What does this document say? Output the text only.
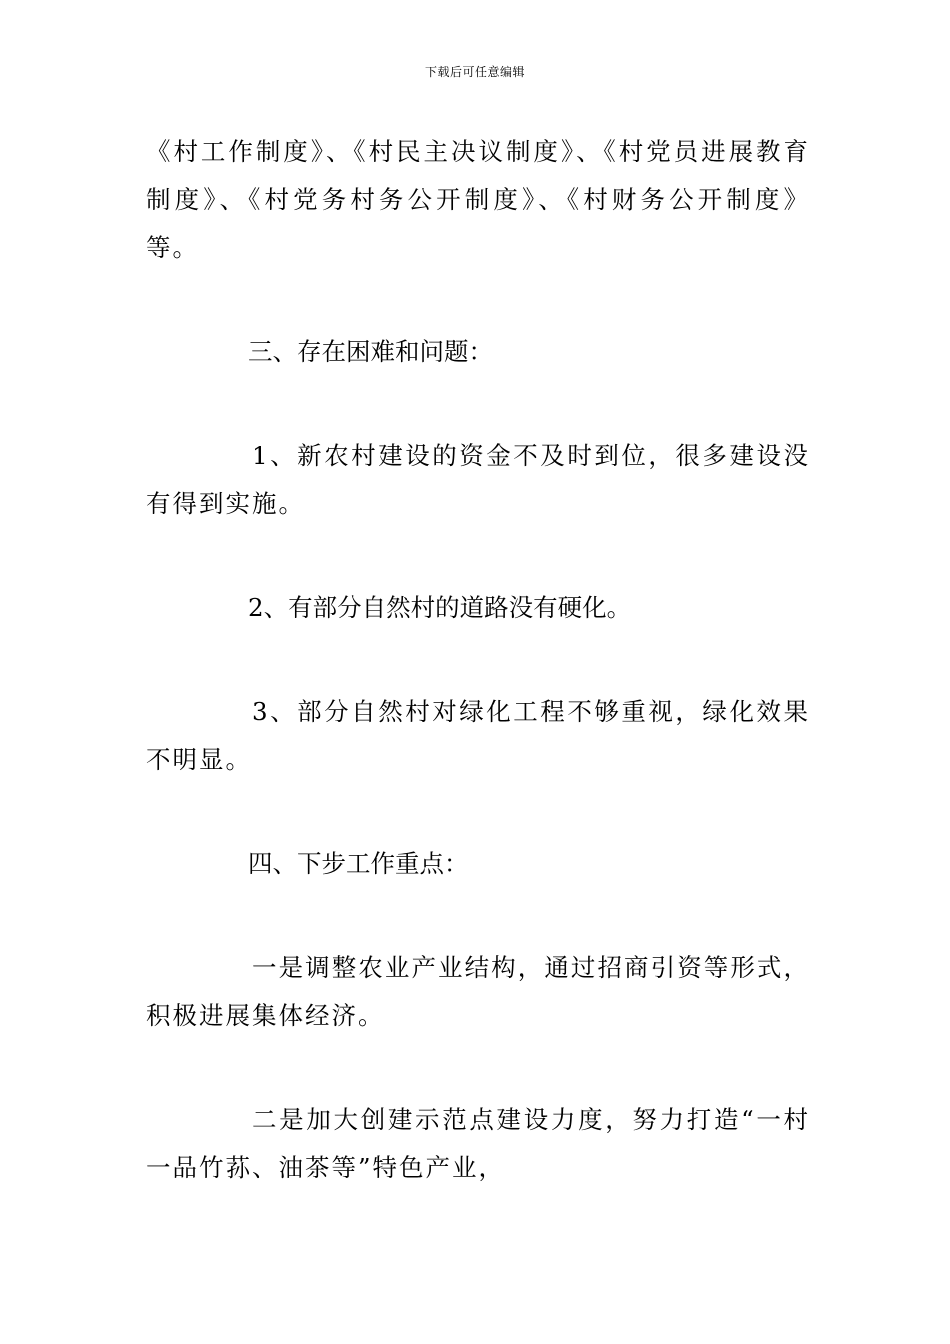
下载后可任意编辑

《村工作制度》、《村民主决议制度》、《村党员进展教育制度》、《村党务村务公开制度》、《村财务公开制度》等。

三、存在困难和问题：

1、新农村建设的资金不及时到位，很多建设没有得到实施。

2、有部分自然村的道路没有硬化。

3、部分自然村对绿化工程不够重视，绿化效果不明显。

四、下步工作重点：

一是调整农业产业结构，通过招商引资等形式，积极进展集体经济。

二是加大创建示范点建设力度，努力打造“一村一品竹荪、油茶等”特色产业，
